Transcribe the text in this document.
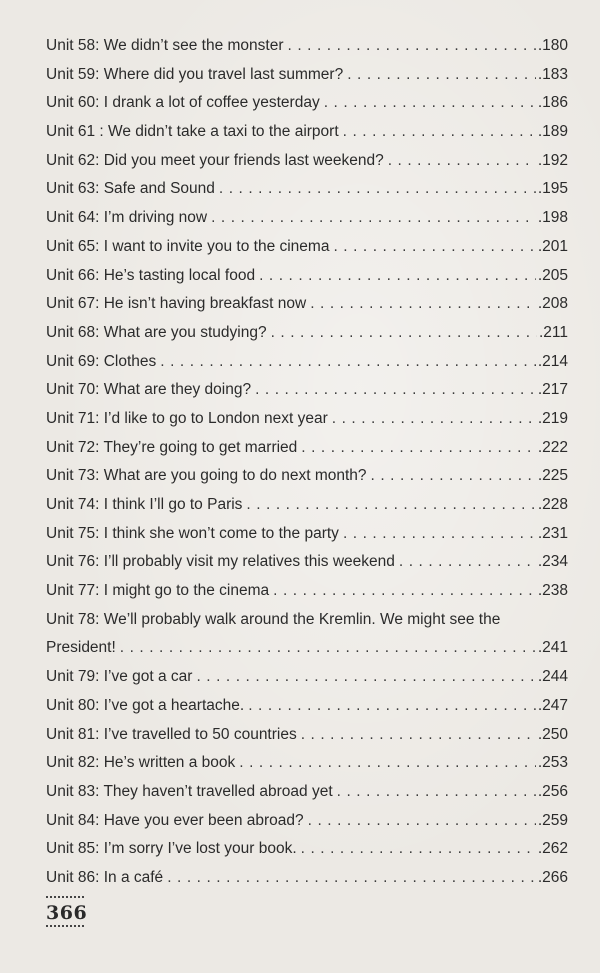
Unit 58: We didn’t see the monster . . .	.180
Unit 59: Where did you travel last summer? . . .	.183
Unit 60: I drank a lot of coffee yesterday . . .	.186
Unit 61 : We didn’t take a taxi to the airport . . .	.189
Unit 62: Did you meet your friends last weekend? . . .	.192
Unit 63: Safe and Sound . . .	.195
Unit 64: I’m driving now . . .	.198
Unit 65: I want to invite you to the cinema . . .	.201
Unit 66: He’s tasting local food . . .	.205
Unit 67: He isn’t having breakfast now . . .	.208
Unit 68: What are you studying? . . .	.211
Unit 69: Clothes . . .	.214
Unit 70: What are they doing? . . .	.217
Unit 71: I’d like to go to London next year . . .	.219
Unit 72: They’re going to get married . . .	.222
Unit 73: What are you going to do next month? . . .	.225
Unit 74: I think I’ll go to Paris . . .	.228
Unit 75: I think she won’t come to the party . . .	.231
Unit 76: I’ll probably visit my relatives this weekend . . .	.234
Unit 77: I might go to the cinema . . .	.238
Unit 78: We’ll probably walk around the Kremlin. We might see the
President! . . .	.241
Unit 79: I’ve got a car . . .	.244
Unit 80: I’ve got a heartache. . . .	.247
Unit 81: I’ve travelled to 50 countries . . .	.250
Unit 82: He’s written a book . . .	.253
Unit 83: They haven’t travelled abroad yet . . .	.256
Unit 84: Have you ever been abroad? . . .	.259
Unit 85: I’m sorry I’ve lost your book. . . .	.262
Unit 86: In a café . . .	.266
366
